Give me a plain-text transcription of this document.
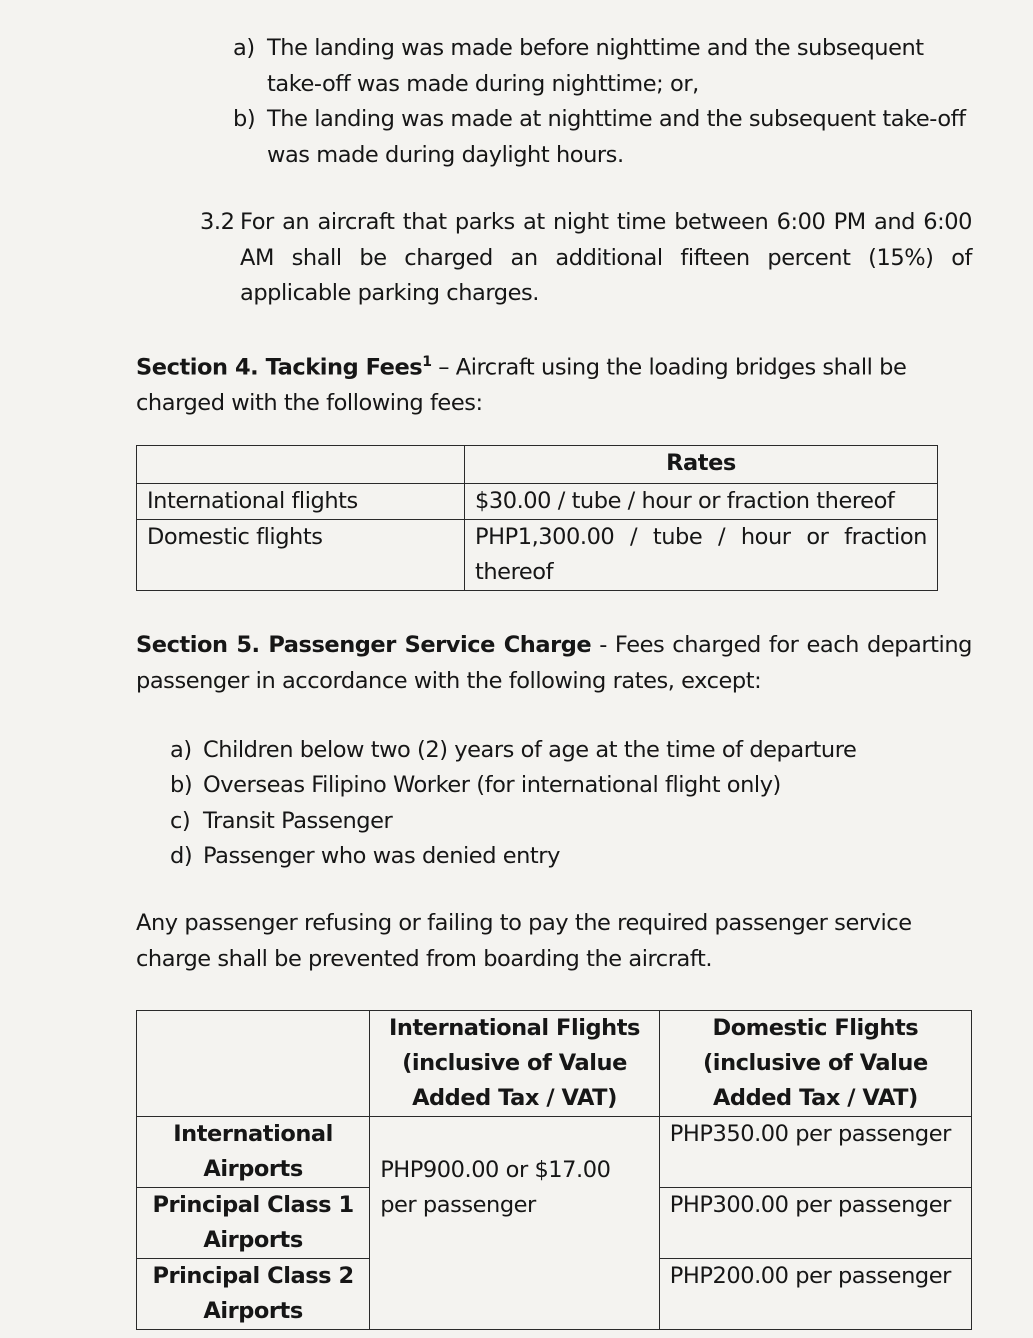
a) The landing was made before nighttime and the subsequent take-off was made during nighttime; or,
b) The landing was made at nighttime and the subsequent take-off was made during daylight hours.
3.2 For an aircraft that parks at night time between 6:00 PM and 6:00 AM shall be charged an additional fifteen percent (15%) of applicable parking charges.
Section 4. Tacking Fees$^1$ – Aircraft using the loading bridges shall be charged with the following fees:
	Rates
International flights	$30.00 / tube / hour or fraction thereof
Domestic flights	PHP1,300.00 / tube / hour or fraction thereof
Section 5. Passenger Service Charge - Fees charged for each departing passenger in accordance with the following rates, except:
a) Children below two (2) years of age at the time of departure
b) Overseas Filipino Worker (for international flight only)
c) Transit Passenger
d) Passenger who was denied entry
Any passenger refusing or failing to pay the required passenger service charge shall be prevented from boarding the aircraft.
	International Flights (inclusive of Value Added Tax / VAT)	Domestic Flights (inclusive of Value Added Tax / VAT)
International Airports	PHP900.00 or $17.00 per passenger	PHP350.00 per passenger
Principal Class 1 Airports		PHP300.00 per passenger
Principal Class 2 Airports		PHP200.00 per passenger
